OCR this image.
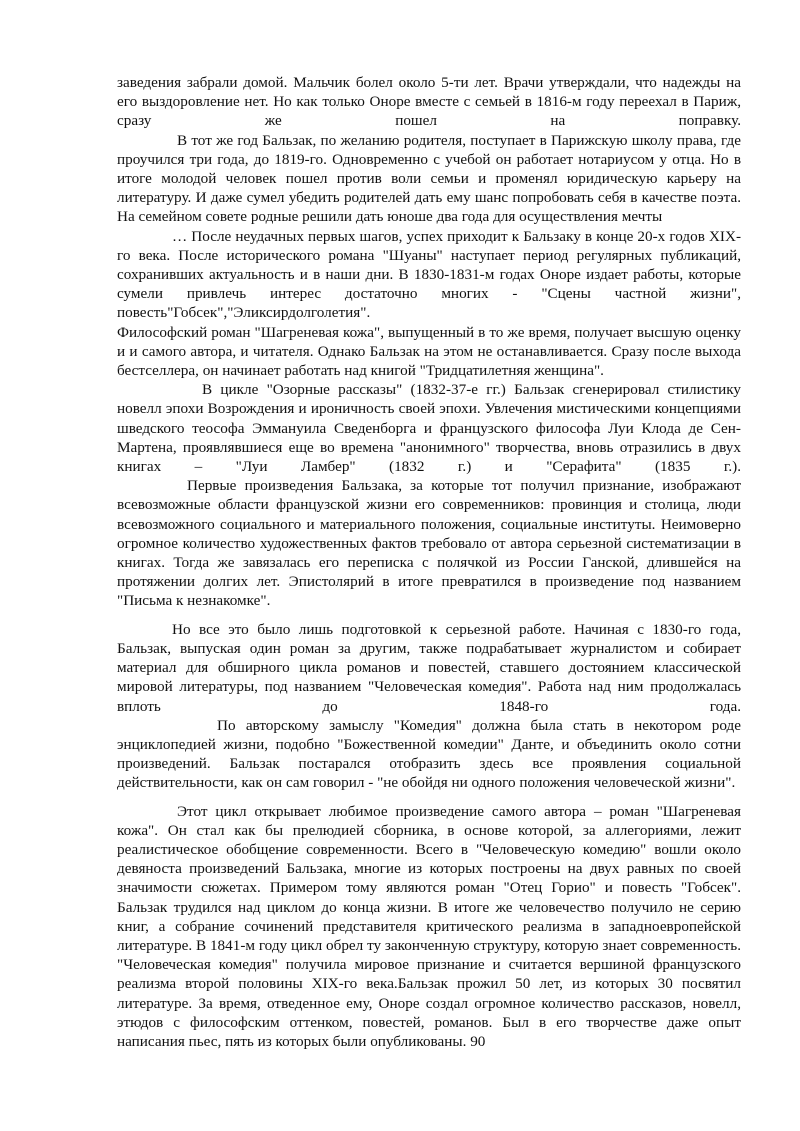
заведения забрали домой. Мальчик болел около 5-ти лет. Врачи утверждали, что надежды на его выздоровление нет. Но как только Оноре вместе с семьей в 1816-м году переехал в Париж, сразу же пошел на поправку.

В тот же год Бальзак, по желанию родителя, поступает в Парижскую школу права, где проучился три года, до 1819-го. Одновременно с учебой он работает нотариусом у отца. Но в итоге молодой человек пошел против воли семьи и променял юридическую карьеру на литературу. И даже сумел убедить родителей дать ему шанс попробовать себя в качестве поэта. На семейном совете родные решили дать юноше два года для осуществления мечты

… После неудачных первых шагов, успех приходит к Бальзаку в конце 20-х годов XIX-го века. После исторического романа "Шуаны" наступает период регулярных публикаций, сохранивших актуальность и в наши дни. В 1830-1831-м годах Оноре издает работы, которые сумели привлечь интерес достаточно многих - "Сцены частной жизни", повесть"Гобсек","Эликсирдолголетия".

Философский роман "Шагреневая кожа", выпущенный в то же время, получает высшую оценку и и самого автора, и читателя. Однако Бальзак на этом не останавливается. Сразу после выхода бестселлера, он начинает работать над книгой "Тридцатилетняя женщина".

В цикле "Озорные рассказы" (1832-37-е гг.) Бальзак сгенерировал стилистику новелл эпохи Возрождения и ироничность своей эпохи. Увлечения мистическими концепциями шведского теософа Эммануила Сведенборга и французского философа Луи Клода де Сен-Мартена, проявлявшиеся еще во времена "анонимного" творчества, вновь отразились в двух книгах – "Луи Ламбер" (1832 г.) и "Серафита" (1835 г.).

Первые произведения Бальзака, за которые тот получил признание, изображают всевозможные области французской жизни его современников: провинция и столица, люди всевозможного социального и материального положения, социальные институты. Неимоверно огромное количество художественных фактов требовало от автора серьезной систематизации в книгах. Тогда же завязалась его переписка с полячкой из России Ганской, длившейся на протяжении долгих лет. Эпистолярий в итоге превратился в произведение под названием "Письма к незнакомке".

Но все это было лишь подготовкой к серьезной работе. Начиная с 1830-го года, Бальзак, выпуская один роман за другим, также подрабатывает журналистом и собирает материал для обширного цикла романов и повестей, ставшего достоянием классической мировой литературы, под названием "Человеческая комедия". Работа над ним продолжалась вплоть до 1848-го года.

По авторскому замыслу "Комедия" должна была стать в некотором роде энциклопедией жизни, подобно "Божественной комедии" Данте, и объединить около сотни произведений. Бальзак постарался отобразить здесь все проявления социальной действительности, как он сам говорил - "не обойдя ни одного положения человеческой жизни".

Этот цикл открывает любимое произведение самого автора – роман "Шагреневая кожа". Он стал как бы прелюдией сборника, в основе которой, за аллегориями, лежит реалистическое обобщение современности. Всего в "Человеческую комедию" вошли около девяноста произведений Бальзака, многие из которых построены на двух равных по своей значимости сюжетах. Примером тому являются роман "Отец Горио" и повесть "Гобсек". Бальзак трудился над циклом до конца жизни. В итоге же человечество получило не серию книг, а собрание сочинений представителя критического реализма в западноевропейской литературе. В 1841-м году цикл обрел ту законченную структуру, которую знает современность. "Человеческая комедия" получила мировое признание и считается вершиной французского реализма второй половины XIX-го века.Бальзак прожил 50 лет, из которых 30 посвятил литературе. За время, отведенное ему, Оноре создал огромное количество рассказов, новелл, этюдов с философским оттенком, повестей, романов. Был в его творчестве даже опыт написания пьес, пять из которых были опубликованы. 90
